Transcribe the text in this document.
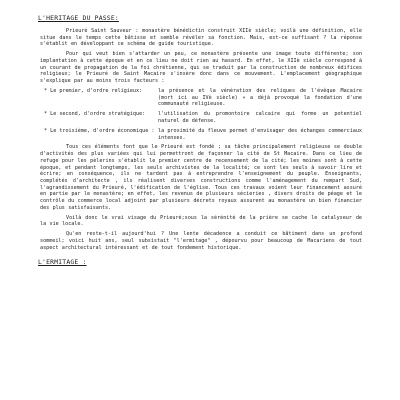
L'HERITAGE DU PASSE:

Prieuré Saint Sauveur : monastère bénédictin construit XIIè siècle; voilà une définition, elle situe dans le temps cette bâtisse et semble révéler sa fonction. Mais, est-ce suffisant ? la réponse s'établit en développant ce schéma de guide touristique.

Pour qui veut bien s'attarder un peu, ce monastère présente une image toute différente; son implantation à cette époque et en ce lieu ne doit rien au hasard. En effet, le XIIè siècle correspond à un courant de propagation de la foi chrétienne, qui se traduit par la construction de nombreux édifices religieux; le Prieuré de Saint Macaire s'insère donc dans ce mouvement. L'emplacement géographique s'explique par au moins trois facteurs :

* Le premier, d'ordre religieux:	la présence et la vénération des reliques de l'évêque Macaire (mort ici au IVè siècle) » a déjà provoqué la fondation d'une communauté religieuse.
* Le second, d'ordre stratégique:	l'utilisation du promontoire calcaire qui forme un potentiel naturel de défense.
* Le troisième, d'ordre économique : la proximité du fleuve permet d'envisager des échanges commerciaux intenses.

Tous ces éléments font que le Prieuré est fondé ; sa tâche principalement religieuse se double d'activités des plus variées qui lui permettront de façonner la cité de St Macaire. Dans ce lieu de refuge pour les pèlerins s'établit le premier centre de recensement de la cité; les moines sont à cette époque, et pendant longtemps, les seuls archivistes de la localité; ce sont les seuls à savoir lire et écrire; en conséquence, ils ne tardent pas à entreprendre l'enseignement du peuple. Enseignants, complétés d'architecte , ils réalisent diverses constructions comme l'aménagement du rempart Sud, l'agrandissement du Prieuré, l'édification de l'église. Tous ces travaux voient leur financement assuré en partie par le monastère; en effet, les revenus de plusieurs sécieries , divers droits de péage et le contrôle du commerce local adjoint par plusieurs décrets royaux assurent au monastère un bien financier des plus satisfaisants.

Voilà donc le vrai visage du Prieuré;sous la sérénité de la prière se cache le catalyseur de la vie locale.

Qu'en reste-t-il aujourd'hui ? Une lente décadence a conduit ce bâtiment dans un profond sommeil; voici huit ans, seul subsistait "l'ermitage" , dépourvu pour beaucoup de Macariens de tout aspect architectural intéressant et de tout fondement historique.

L'ERMITAGE :
